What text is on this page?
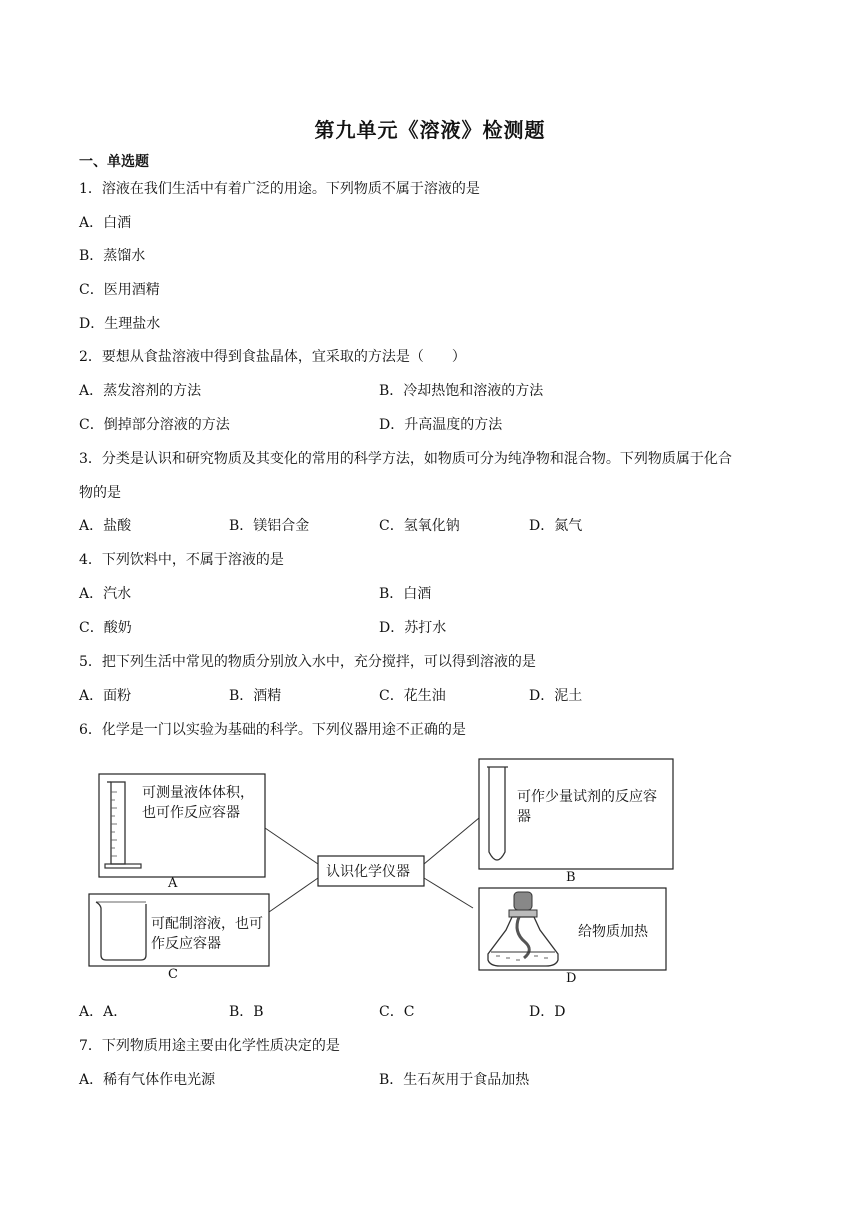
第九单元《溶液》检测题
一、单选题
1．溶液在我们生活中有着广泛的用途。下列物质不属于溶液的是
A．白酒
B．蒸馏水
C．医用酒精
D．生理盐水
2．要想从食盐溶液中得到食盐晶体，宜采取的方法是（　　）
A．蒸发溶剂的方法	B．冷却热饱和溶液的方法
C．倒掉部分溶液的方法	D．升高温度的方法
3．分类是认识和研究物质及其变化的常用的科学方法，如物质可分为纯净物和混合物。下列物质属于化合
物的是
A．盐酸	B．镁铝合金	C．氢氧化钠	D．氮气
4．下列饮料中，不属于溶液的是
A．汽水	B．白酒
C．酸奶	D．苏打水
5．把下列生活中常见的物质分别放入水中，充分搅拌，可以得到溶液的是
A．面粉	B．酒精	C．花生油	D．泥土
6．化学是一门以实验为基础的科学。下列仪器用途不正确的是
可测量液体体积，也可作反应容器
可配制溶液，也可作反应容器
认识化学仪器
可作少量试剂的反应容器
给物质加热
A	B
C	D
A．A．	B．B	C．C	D．D
7．下列物质用途主要由化学性质决定的是
A．稀有气体作电光源	B．生石灰用于食品加热
